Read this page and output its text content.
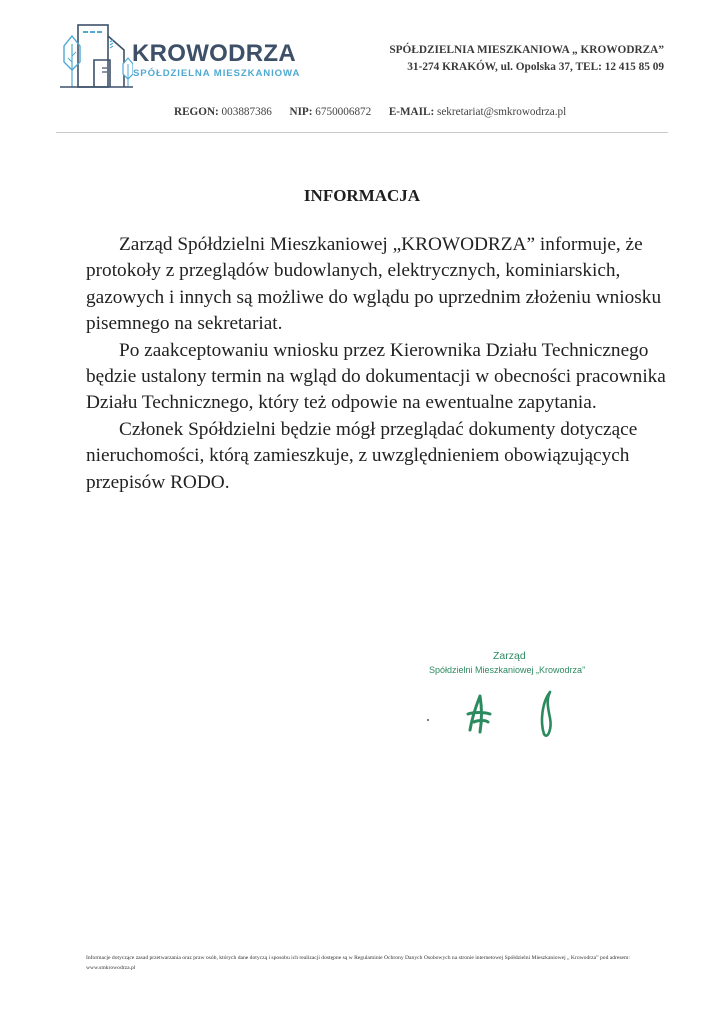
KROWODRZA
SPÓŁDZIELNA MIESZKANIOWA
SPÓŁDZIELNIA MIESZKANIOWA „ KROWODRZA”
31-274 KRAKÓW, ul. Opolska 37, TEL: 12 415 85 09
REGON: 003887386 NIP: 6750006872 E-MAIL: sekretariat@smkrowodrza.pl
INFORMACJA

Zarząd Spółdzielni Mieszkaniowej „KROWODRZA” informuje, że protokoły z przeglądów budowlanych, elektrycznych, kominiarskich, gazowych i innych są możliwe do wglądu po uprzednim złożeniu wniosku pisemnego na sekretariat.

Po zaakceptowaniu wniosku przez Kierownika Działu Technicznego będzie ustalony termin na wgląd do dokumentacji w obecności pracownika Działu Technicznego, który też odpowie na ewentualne zapytania.

Członek Spółdzielni będzie mógł przeglądać dokumenty dotyczące nieruchomości, którą zamieszkuje, z uwzględnieniem obowiązujących przepisów RODO.

Zarząd
Spółdzielni Mieszkaniowej „Krowodrza”
Informacje dotyczące zasad przetwarzania oraz praw osób, których dane dotyczą i sposobu ich realizacji dostępne są w Regulaminie Ochrony Danych Osobowych na stronie internetowej Spółdzielni Mieszkaniowej „ Krowodrza” pod adresem: www.smkrowodrza.pl
